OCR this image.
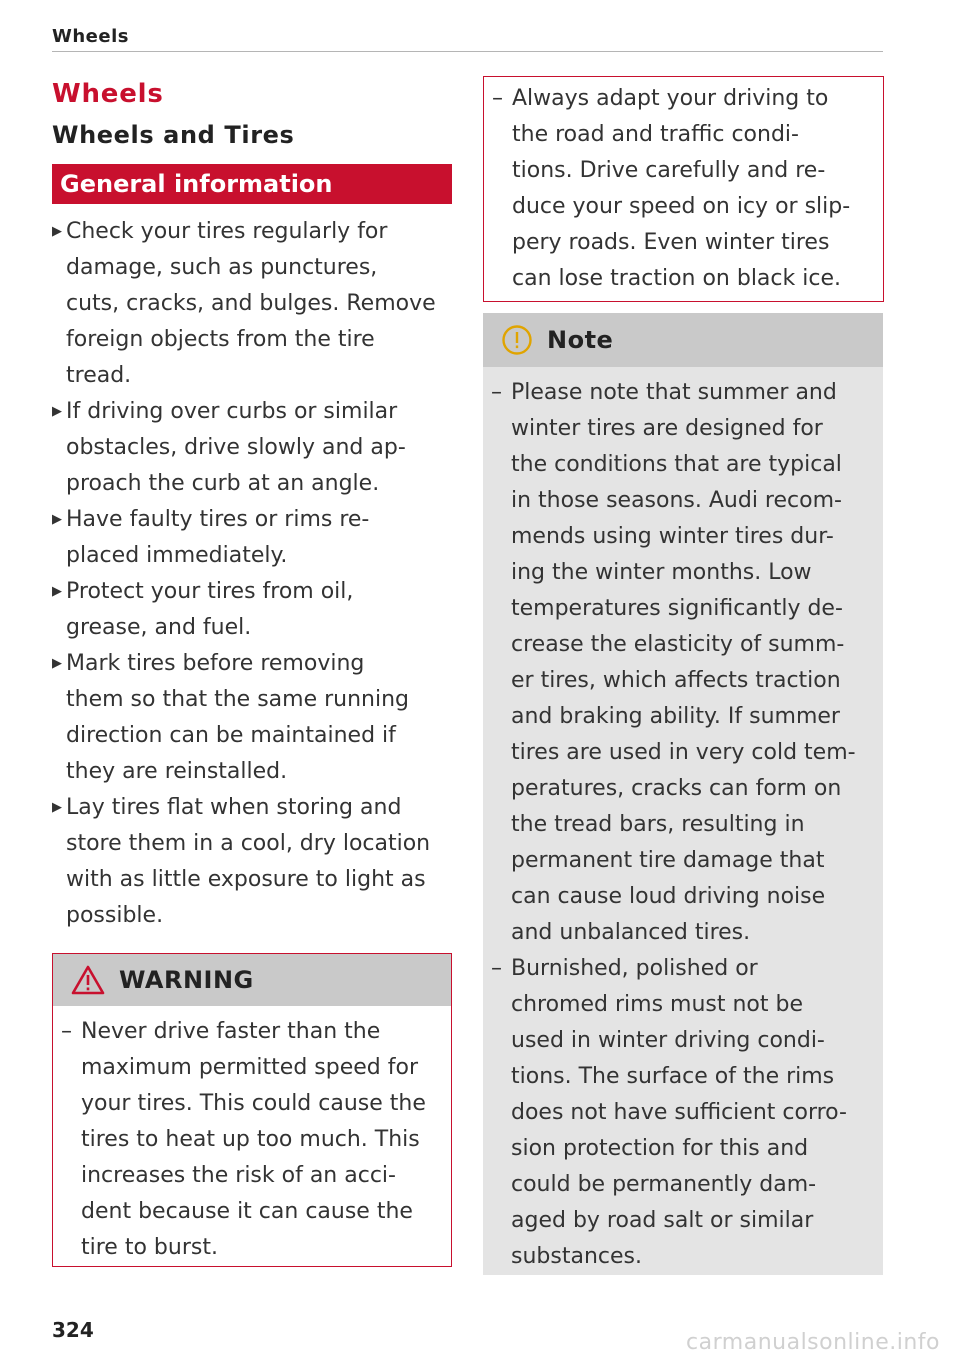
Wheels
Wheels
Wheels and Tires
General information
▶ Check your tires regularly for
damage, such as punctures,
cuts, cracks, and bulges. Remove
foreign objects from the tire
tread.
▶ If driving over curbs or similar
obstacles, drive slowly and ap-
proach the curb at an angle.
▶ Have faulty tires or rims re-
placed immediately.
▶ Protect your tires from oil,
grease, and fuel.
▶ Mark tires before removing
them so that the same running
direction can be maintained if
they are reinstalled.
▶ Lay tires flat when storing and
store them in a cool, dry location
with as little exposure to light as
possible.
WARNING
– Never drive faster than the
maximum permitted speed for
your tires. This could cause the
tires to heat up too much. This
increases the risk of an acci-
dent because it can cause the
tire to burst.
– Always adapt your driving to
the road and traffic condi-
tions. Drive carefully and re-
duce your speed on icy or slip-
pery roads. Even winter tires
can lose traction on black ice.
Note
– Please note that summer and
winter tires are designed for
the conditions that are typical
in those seasons. Audi recom-
mends using winter tires dur-
ing the winter months. Low
temperatures significantly de-
crease the elasticity of summ-
er tires, which affects traction
and braking ability. If summer
tires are used in very cold tem-
peratures, cracks can form on
the tread bars, resulting in
permanent tire damage that
can cause loud driving noise
and unbalanced tires.
– Burnished, polished or
chromed rims must not be
used in winter driving condi-
tions. The surface of the rims
does not have sufficient corro-
sion protection for this and
could be permanently dam-
aged by road salt or similar
substances.
324	carmanualsonline.info
